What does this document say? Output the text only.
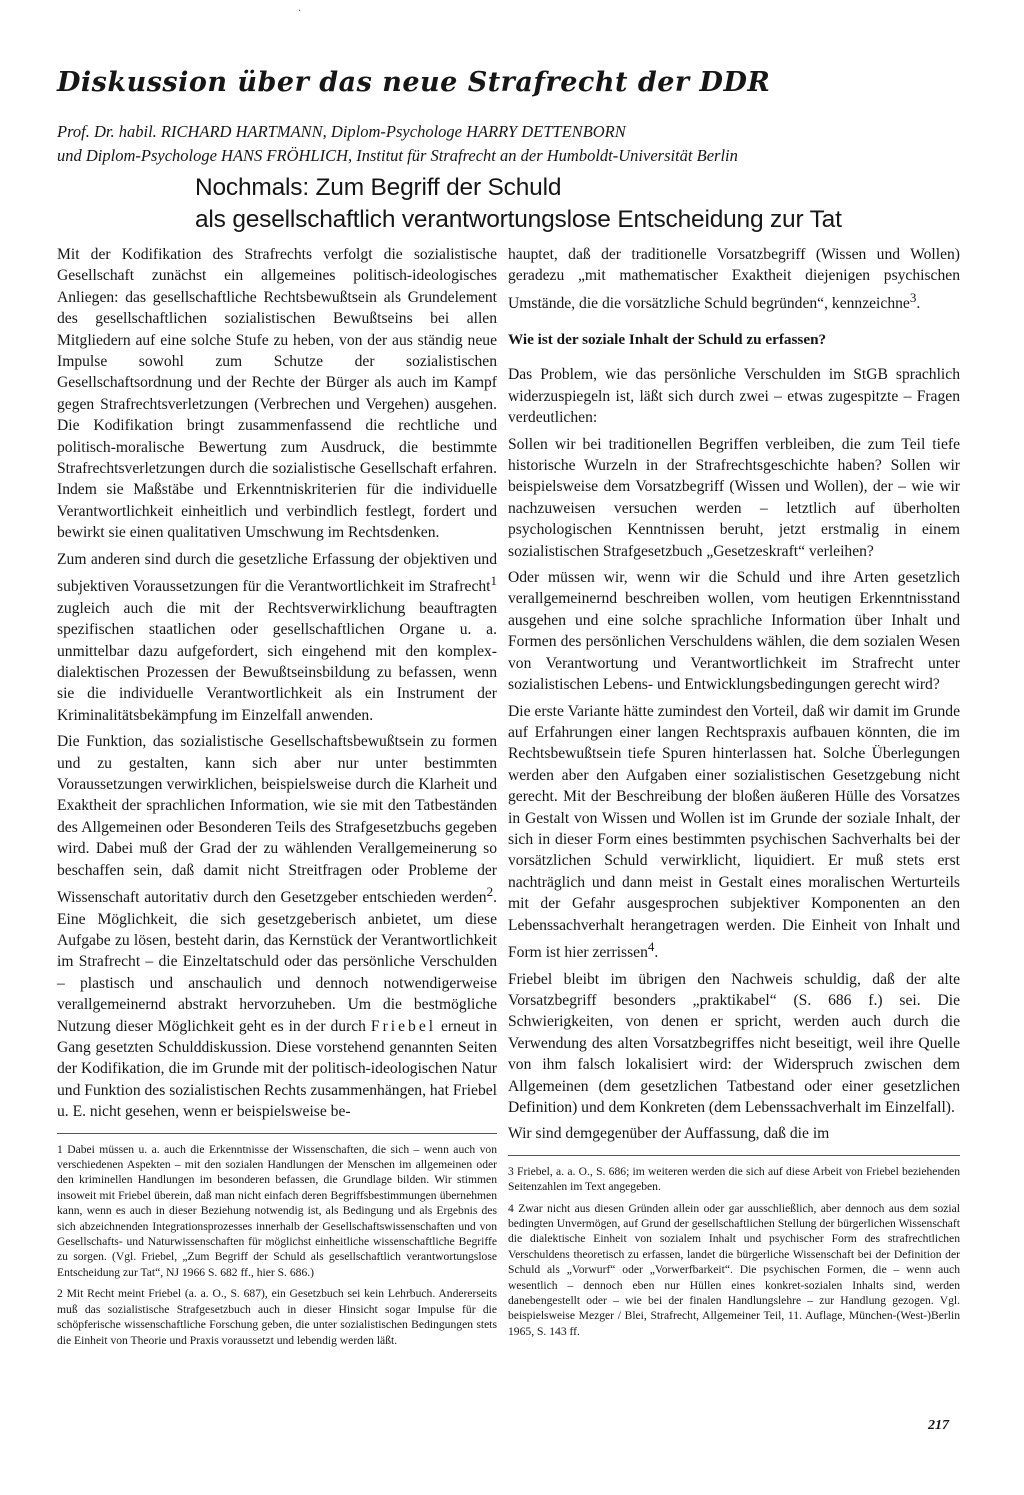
·
Diskussion über das neue Strafrecht der DDR
Prof. Dr. habil. RICHARD HARTMANN, Diplom-Psychologe HARRY DETTENBORN
und Diplom-Psychologe HANS FRÖHLICH, Institut für Strafrecht an der Humboldt-Universität Berlin
Nochmals: Zum Begriff der Schuld
als gesellschaftlich verantwortungslose Entscheidung zur Tat

Mit der Kodifikation des Strafrechts verfolgt die sozialistische Gesellschaft zunächst ein allgemeines politisch-ideologisches Anliegen: das gesellschaftliche Rechtsbewußtsein als Grundelement des gesellschaftlichen sozialistischen Bewußtseins bei allen Mitgliedern auf eine solche Stufe zu heben, von der aus ständig neue Impulse sowohl zum Schutze der sozialistischen Gesellschaftsordnung und der Rechte der Bürger als auch im Kampf gegen Strafrechtsverletzungen (Verbrechen und Vergehen) ausgehen. Die Kodifikation bringt zusammenfassend die rechtliche und politisch-moralische Bewertung zum Ausdruck, die bestimmte Strafrechtsverletzungen durch die sozialistische Gesellschaft erfahren. Indem sie Maßstäbe und Erkenntniskriterien für die individuelle Verantwortlichkeit einheitlich und verbindlich festlegt, fordert und bewirkt sie einen qualitativen Umschwung im Rechtsdenken.

Zum anderen sind durch die gesetzliche Erfassung der objektiven und subjektiven Voraussetzungen für die Verantwortlichkeit im Strafrecht$^1$ zugleich auch die mit der Rechtsverwirklichung beauftragten spezifischen staatlichen oder gesellschaftlichen Organe u. a. unmittelbar dazu aufgefordert, sich eingehend mit den komplex-dialektischen Prozessen der Bewußtseinsbildung zu befassen, wenn sie die individuelle Verantwortlichkeit als ein Instrument der Kriminalitätsbekämpfung im Einzelfall anwenden.

Die Funktion, das sozialistische Gesellschaftsbewußtsein zu formen und zu gestalten, kann sich aber nur unter bestimmten Voraussetzungen verwirklichen, beispielsweise durch die Klarheit und Exaktheit der sprachlichen Information, wie sie mit den Tatbeständen des Allgemeinen oder Besonderen Teils des Strafgesetzbuchs gegeben wird. Dabei muß der Grad der zu wählenden Verallgemeinerung so beschaffen sein, daß damit nicht Streitfragen oder Probleme der Wissenschaft autoritativ durch den Gesetzgeber entschieden werden$^2$. Eine Möglichkeit, die sich gesetzgeberisch anbietet, um diese Aufgabe zu lösen, besteht darin, das Kernstück der Verantwortlichkeit im Strafrecht – die Einzeltatschuld oder das persönliche Verschulden – plastisch und anschaulich und dennoch notwendigerweise verallgemeinernd abstrakt hervorzuheben. Um die bestmögliche Nutzung dieser Möglichkeit geht es in der durch Friebel erneut in Gang gesetzten Schulddiskussion. Diese vorstehend genannten Seiten der Kodifikation, die im Grunde mit der politisch-ideologischen Natur und Funktion des sozialistischen Rechts zusammenhängen, hat Friebel u. E. nicht gesehen, wenn er beispielsweise be-

1 Dabei müssen u. a. auch die Erkenntnisse der Wissenschaften, die sich – wenn auch von verschiedenen Aspekten – mit den sozialen Handlungen der Menschen im allgemeinen oder den kriminellen Handlungen im besonderen befassen, die Grundlage bilden. Wir stimmen insoweit mit Friebel überein, daß man nicht einfach deren Begriffsbestimmungen übernehmen kann, wenn es auch in dieser Beziehung notwendig ist, als Bedingung und als Ergebnis des sich abzeichnenden Integrationsprozesses innerhalb der Gesellschaftswissenschaften und von Gesellschafts- und Naturwissenschaften für möglichst einheitliche wissenschaftliche Begriffe zu sorgen. (Vgl. Friebel, „Zum Begriff der Schuld als gesellschaftlich verantwortungslose Entscheidung zur Tat“, NJ 1966 S. 682 ff., hier S. 686.)

2 Mit Recht meint Friebel (a. a. O., S. 687), ein Gesetzbuch sei kein Lehrbuch. Andererseits muß das sozialistische Strafgesetzbuch auch in dieser Hinsicht sogar Impulse für die schöpferische wissenschaftliche Forschung geben, die unter sozialistischen Bedingungen stets die Einheit von Theorie und Praxis voraussetzt und lebendig werden läßt.

hauptet, daß der traditionelle Vorsatzbegriff (Wissen und Wollen) geradezu „mit mathematischer Exaktheit diejenigen psychischen Umstände, die die vorsätzliche Schuld begründen“, kennzeichne$^3$.

Wie ist der soziale Inhalt der Schuld zu erfassen?

Das Problem, wie das persönliche Verschulden im StGB sprachlich widerzuspiegeln ist, läßt sich durch zwei – etwas zugespitzte – Fragen verdeutlichen:

Sollen wir bei traditionellen Begriffen verbleiben, die zum Teil tiefe historische Wurzeln in der Strafrechtsgeschichte haben? Sollen wir beispielsweise dem Vorsatzbegriff (Wissen und Wollen), der – wie wir nachzuweisen versuchen werden – letztlich auf überholten psychologischen Kenntnissen beruht, jetzt erstmalig in einem sozialistischen Strafgesetzbuch „Gesetzeskraft“ verleihen?

Oder müssen wir, wenn wir die Schuld und ihre Arten gesetzlich verallgemeinernd beschreiben wollen, vom heutigen Erkenntnisstand ausgehen und eine solche sprachliche Information über Inhalt und Formen des persönlichen Verschuldens wählen, die dem sozialen Wesen von Verantwortung und Verantwortlichkeit im Strafrecht unter sozialistischen Lebens- und Entwicklungsbedingungen gerecht wird?

Die erste Variante hätte zumindest den Vorteil, daß wir damit im Grunde auf Erfahrungen einer langen Rechtspraxis aufbauen könnten, die im Rechtsbewußtsein tiefe Spuren hinterlassen hat. Solche Überlegungen werden aber den Aufgaben einer sozialistischen Gesetzgebung nicht gerecht. Mit der Beschreibung der bloßen äußeren Hülle des Vorsatzes in Gestalt von Wissen und Wollen ist im Grunde der soziale Inhalt, der sich in dieser Form eines bestimmten psychischen Sachverhalts bei der vorsätzlichen Schuld verwirklicht, liquidiert. Er muß stets erst nachträglich und dann meist in Gestalt eines moralischen Werturteils mit der Gefahr ausgesprochen subjektiver Komponenten an den Lebenssachverhalt herangetragen werden. Die Einheit von Inhalt und Form ist hier zerrissen$^4$.

Friebel bleibt im übrigen den Nachweis schuldig, daß der alte Vorsatzbegriff besonders „praktikabel“ (S. 686 f.) sei. Die Schwierigkeiten, von denen er spricht, werden auch durch die Verwendung des alten Vorsatzbegriffes nicht beseitigt, weil ihre Quelle von ihm falsch lokalisiert wird: der Widerspruch zwischen dem Allgemeinen (dem gesetzlichen Tatbestand oder einer gesetzlichen Definition) und dem Konkreten (dem Lebenssachverhalt im Einzelfall).

Wir sind demgegenüber der Auffassung, daß die im

3 Friebel, a. a. O., S. 686; im weiteren werden die sich auf diese Arbeit von Friebel beziehenden Seitenzahlen im Text angegeben.

4 Zwar nicht aus diesen Gründen allein oder gar ausschließlich, aber dennoch aus dem sozial bedingten Unvermögen, auf Grund der gesellschaftlichen Stellung der bürgerlichen Wissenschaft die dialektische Einheit von sozialem Inhalt und psychischer Form des strafrechtlichen Verschuldens theoretisch zu erfassen, landet die bürgerliche Wissenschaft bei der Definition der Schuld als „Vorwurf“ oder „Vorwerfbarkeit“. Die psychischen Formen, die – wenn auch wesentlich – dennoch eben nur Hüllen eines konkret-sozialen Inhalts sind, werden danebengestellt oder – wie bei der finalen Handlungslehre – zur Handlung gezogen. Vgl. beispielsweise Mezger / Blei, Strafrecht, Allgemeiner Teil, 11. Auflage, München-(West-)Berlin 1965, S. 143 ff.

217
